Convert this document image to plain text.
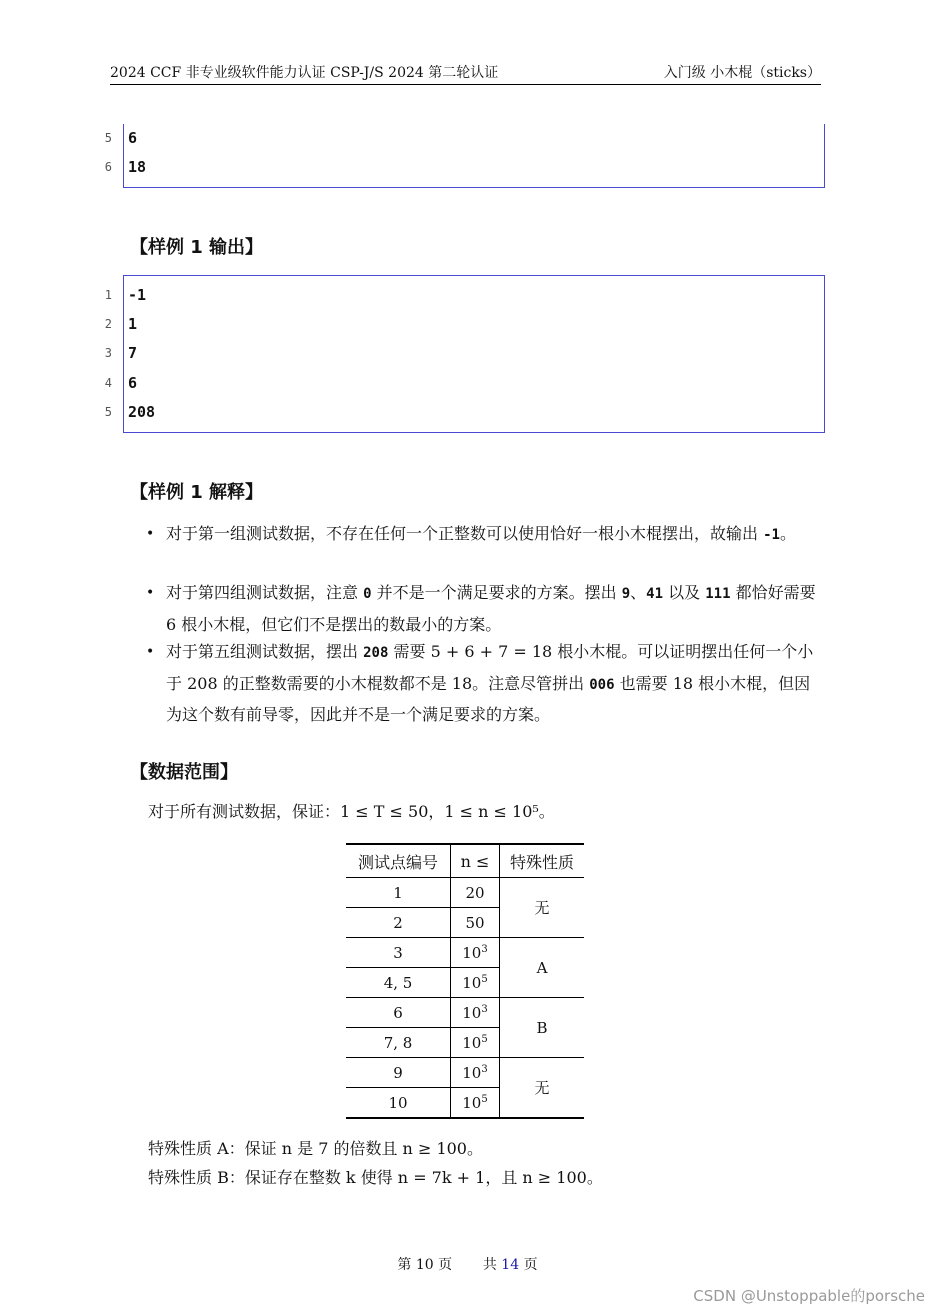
2024 CCF 非专业级软件能力认证 CSP-J/S 2024 第二轮认证	入门级 小木棍（sticks）
5 6
6 18
【样例 1 输出】
1 -1
2 1
3 7
4 6
5 208
【样例 1 解释】
• 对于第一组测试数据，不存在任何一个正整数可以使用恰好一根小木棍摆出，故输出 -1。
• 对于第四组测试数据，注意 0 并不是一个满足要求的方案。摆出 9、41 以及 111 都恰好需要 6 根小木棍，但它们不是摆出的数最小的方案。
• 对于第五组测试数据，摆出 208 需要 5 + 6 + 7 = 18 根小木棍。可以证明摆出任何一个小于 208 的正整数需要的小木棍数都不是 18。注意尽管拼出 006 也需要 18 根小木棍，但因为这个数有前导零，因此并不是一个满足要求的方案。
【数据范围】
对于所有测试数据，保证：1 ≤ T ≤ 50，1 ≤ n ≤ 10⁵。
测试点编号	n ≤	特殊性质
1	20	无
2	50	
3	$10^3$	A
4, 5	$10^5$
6	$10^3$	B
7, 8	$10^5$
9	$10^3$	无
10	$10^5$
特殊性质 A：保证 n 是 7 的倍数且 n ≥ 100。
特殊性质 B：保证存在整数 k 使得 n = 7k + 1，且 n ≥ 100。
第 10 页 共 14 页
CSDN @Unstoppable的porsche
